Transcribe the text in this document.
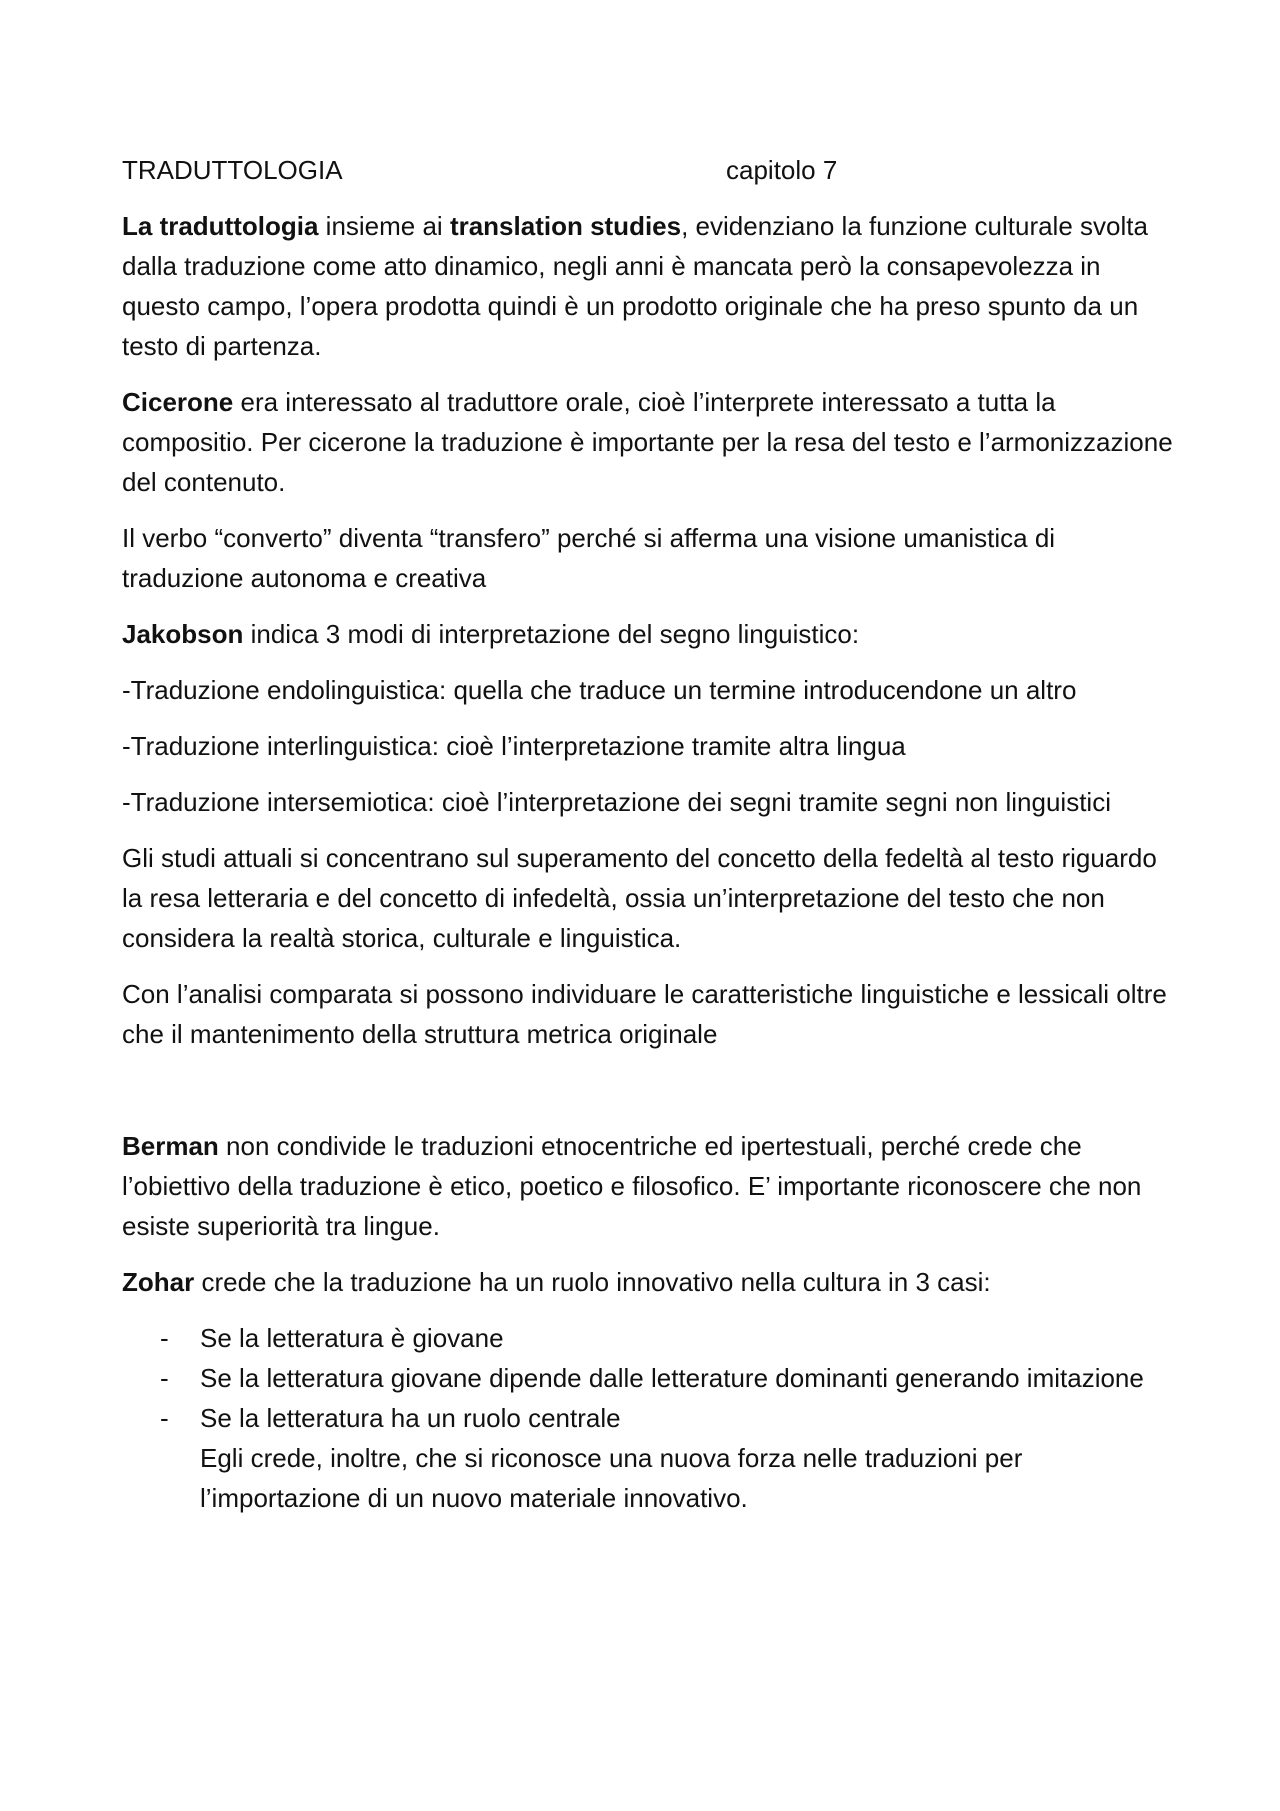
TRADUTTOLOGIA	capitolo 7

La traduttologia insieme ai translation studies, evidenziano la funzione culturale svolta dalla traduzione come atto dinamico, negli anni è mancata però la consapevolezza in questo campo, l’opera prodotta quindi è un prodotto originale che ha preso spunto da un testo di partenza.

Cicerone era interessato al traduttore orale, cioè l’interprete interessato a tutta la compositio. Per cicerone la traduzione è importante per la resa del testo e l’armonizzazione del contenuto.

Il verbo “converto” diventa “transfero” perché si afferma una visione umanistica di traduzione autonoma e creativa

Jakobson indica 3 modi di interpretazione del segno linguistico:

-Traduzione endolinguistica: quella che traduce un termine introducendone un altro

-Traduzione interlinguistica: cioè l’interpretazione tramite altra lingua

-Traduzione intersemiotica: cioè l’interpretazione dei segni tramite segni non linguistici

Gli studi attuali si concentrano sul superamento del concetto della fedeltà al testo riguardo la resa letteraria e del concetto di infedeltà, ossia un’interpretazione del testo che non considera la realtà storica, culturale e linguistica.

Con l’analisi comparata si possono individuare le caratteristiche linguistiche e lessicali oltre che il mantenimento della struttura metrica originale

Berman non condivide le traduzioni etnocentriche ed ipertestuali, perché crede che l’obiettivo della traduzione è etico, poetico e filosofico. E’ importante riconoscere che non esiste superiorità tra lingue.

Zohar crede che la traduzione ha un ruolo innovativo nella cultura in 3 casi:

- Se la letteratura è giovane
- Se la letteratura giovane dipende dalle letterature dominanti generando imitazione
- Se la letteratura ha un ruolo centrale
Egli crede, inoltre, che si riconosce una nuova forza nelle traduzioni per l’importazione di un nuovo materiale innovativo.
